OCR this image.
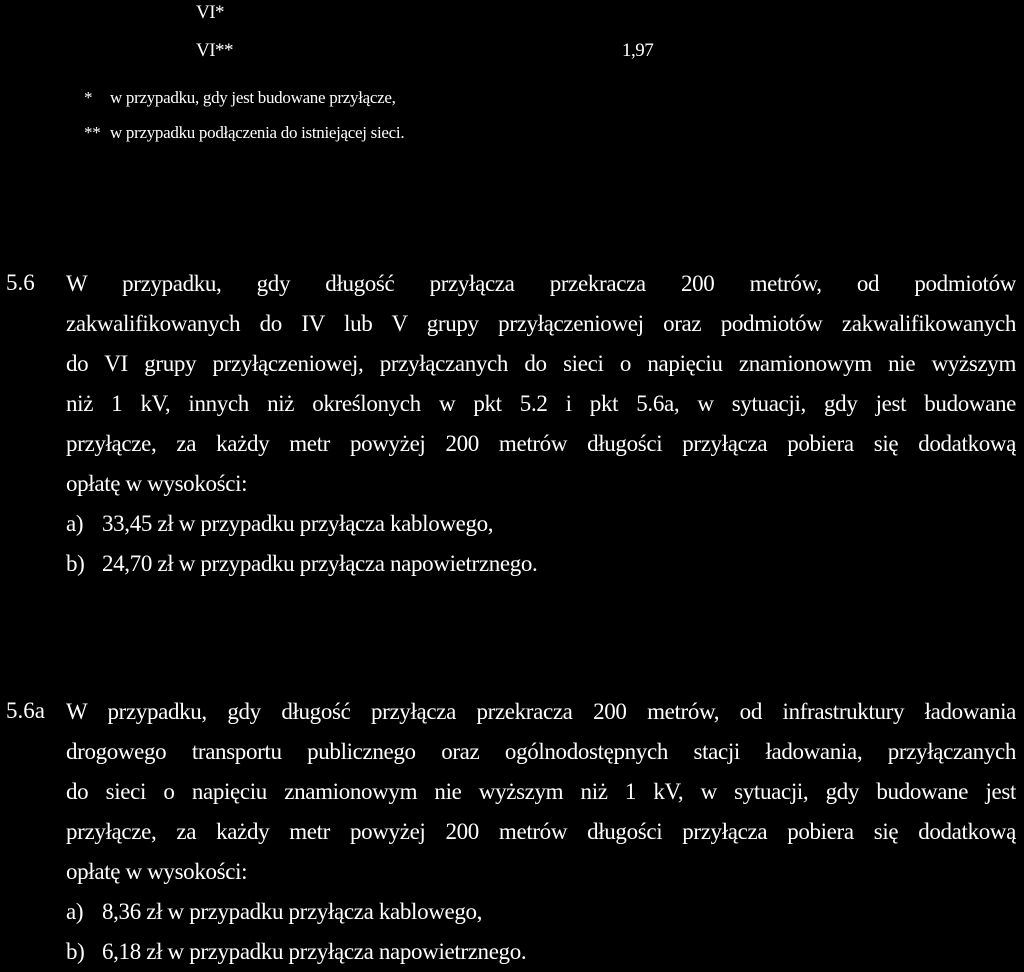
VI*
VI**	1,97
* w przypadku, gdy jest budowane przyłącze,
** w przypadku podłączenia do istniejącej sieci.
5.6 W przypadku, gdy długość przyłącza przekracza 200 metrów, od podmiotów
zakwalifikowanych do IV lub V grupy przyłączeniowej oraz podmiotów zakwalifikowanych
do VI grupy przyłączeniowej, przyłączanych do sieci o napięciu znamionowym nie wyższym
niż 1 kV, innych niż określonych w pkt 5.2 i pkt 5.6a, w sytuacji, gdy jest budowane
przyłącze, za każdy metr powyżej 200 metrów długości przyłącza pobiera się dodatkową
opłatę w wysokości:
a) 33,45 zł w przypadku przyłącza kablowego,
b) 24,70 zł w przypadku przyłącza napowietrznego.
5.6a W przypadku, gdy długość przyłącza przekracza 200 metrów, od infrastruktury ładowania
drogowego transportu publicznego oraz ogólnodostępnych stacji ładowania, przyłączanych
do sieci o napięciu znamionowym nie wyższym niż 1 kV, w sytuacji, gdy budowane jest
przyłącze, za każdy metr powyżej 200 metrów długości przyłącza pobiera się dodatkową
opłatę w wysokości:
a) 8,36 zł w przypadku przyłącza kablowego,
b) 6,18 zł w przypadku przyłącza napowietrznego.
